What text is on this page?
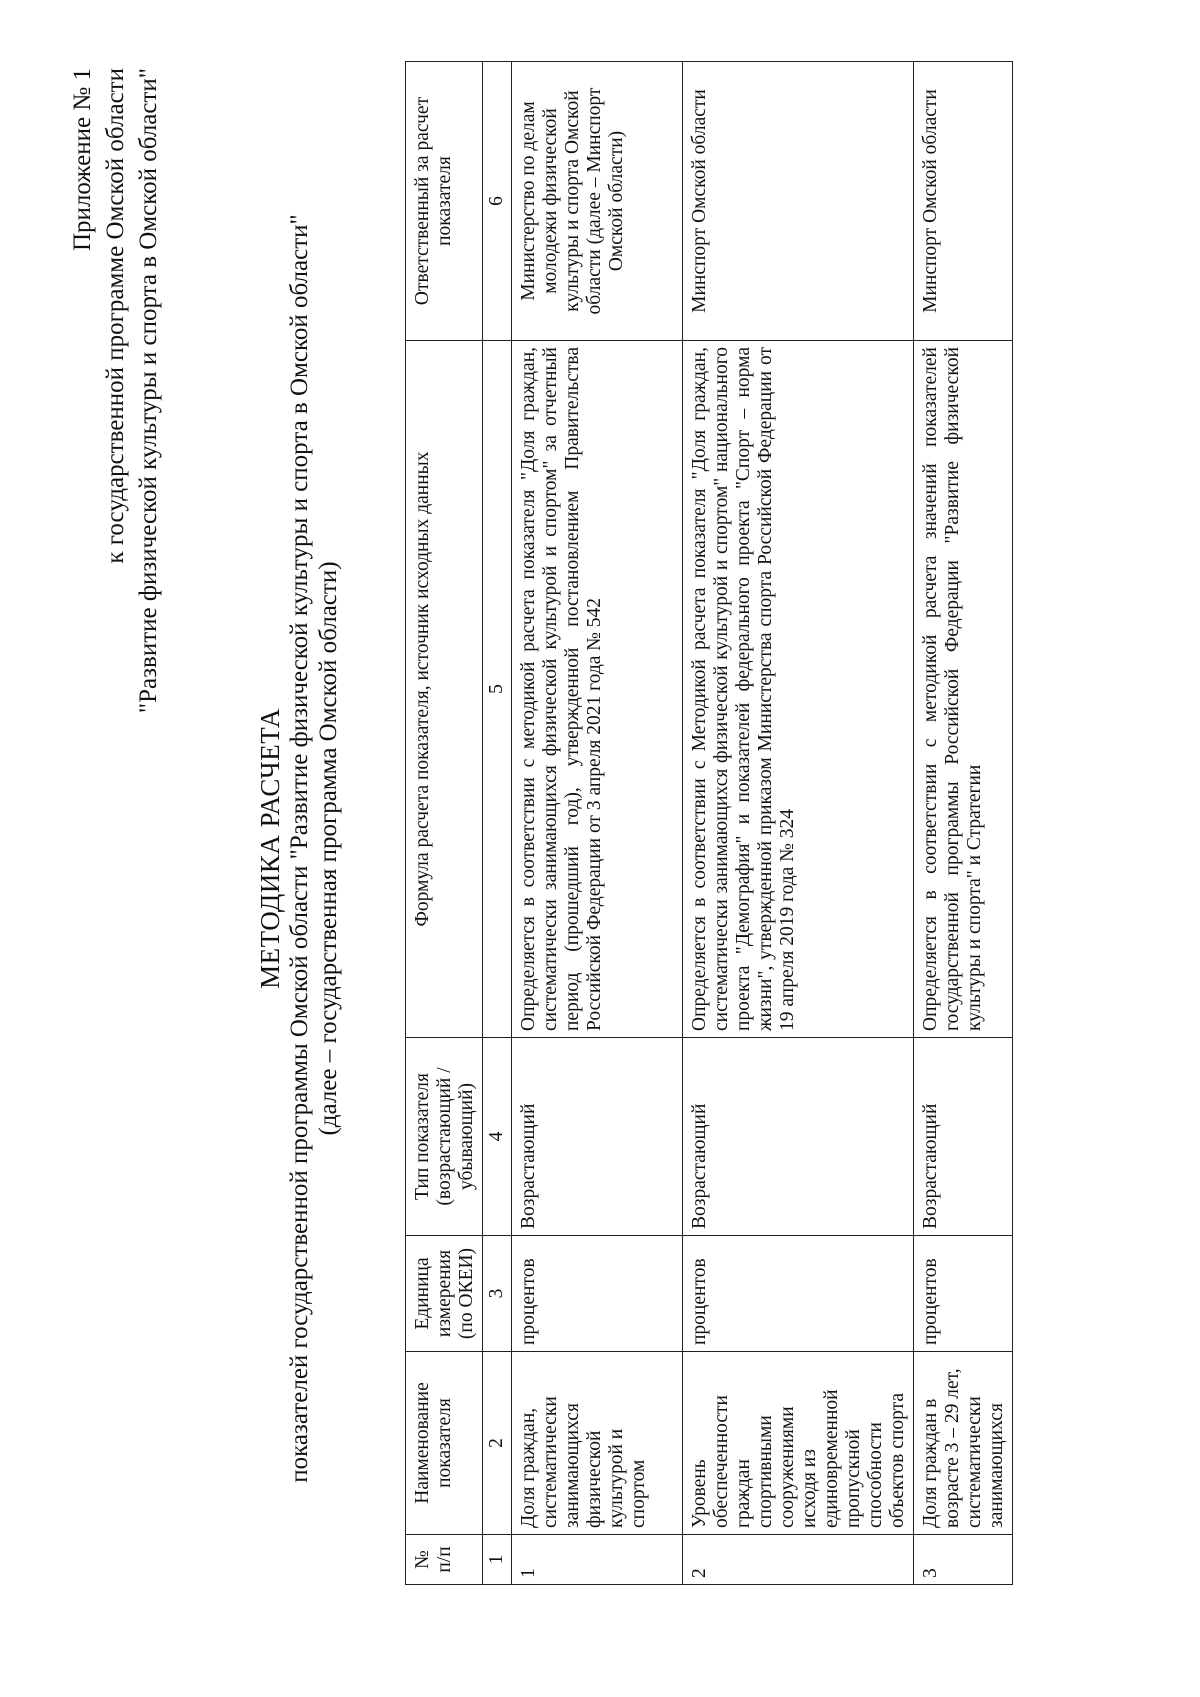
Приложение № 1 к государственной программе Омской области "Развитие физической культуры и спорта в Омской области"
МЕТОДИКА РАСЧЕТА показателей государственной программы Омской области "Развитие физической культуры и спорта в Омской области" (далее – государственная программа Омской области)
№ п/п	Наименование показателя	Единица измерения (по ОКЕИ)	Тип показателя (возрастающий / убывающий)	Формула расчета показателя, источник исходных данных	Ответственный за расчет показателя
1	2	3	4	5	6
1	Доля граждан, систематически занимающихся физической культурой и спортом	процентов	Возрастающий	Определяется в соответствии с методикой расчета показателя "Доля граждан, систематически занимающихся физической культурой и спортом" за отчетный период (прошедший год), утвержденной постановлением Правительства Российской Федерации от 3 апреля 2021 года № 542	Министерство по делам молодежи физической культуры и спорта Омской области (далее – Минспорт Омской области)
2	Уровень обеспеченности граждан спортивными сооружениями исходя из единовременной пропускной способности объектов спорта	процентов	Возрастающий	Определяется в соответствии с Методикой расчета показателя "Доля граждан, систематически занимающихся физической культурой и спортом" национального проекта "Демография" и показателей федерального проекта "Спорт – норма жизни", утвержденной приказом Министерства спорта Российской Федерации от 19 апреля 2019 года № 324	Минспорт Омской области
3	Доля граждан в возрасте 3 – 29 лет, систематически занимающихся	процентов	Возрастающий	Определяется в соответствии с методикой расчета значений показателей государственной программы Российской Федерации "Развитие физической культуры и спорта" и Стратегии	Минспорт Омской области
